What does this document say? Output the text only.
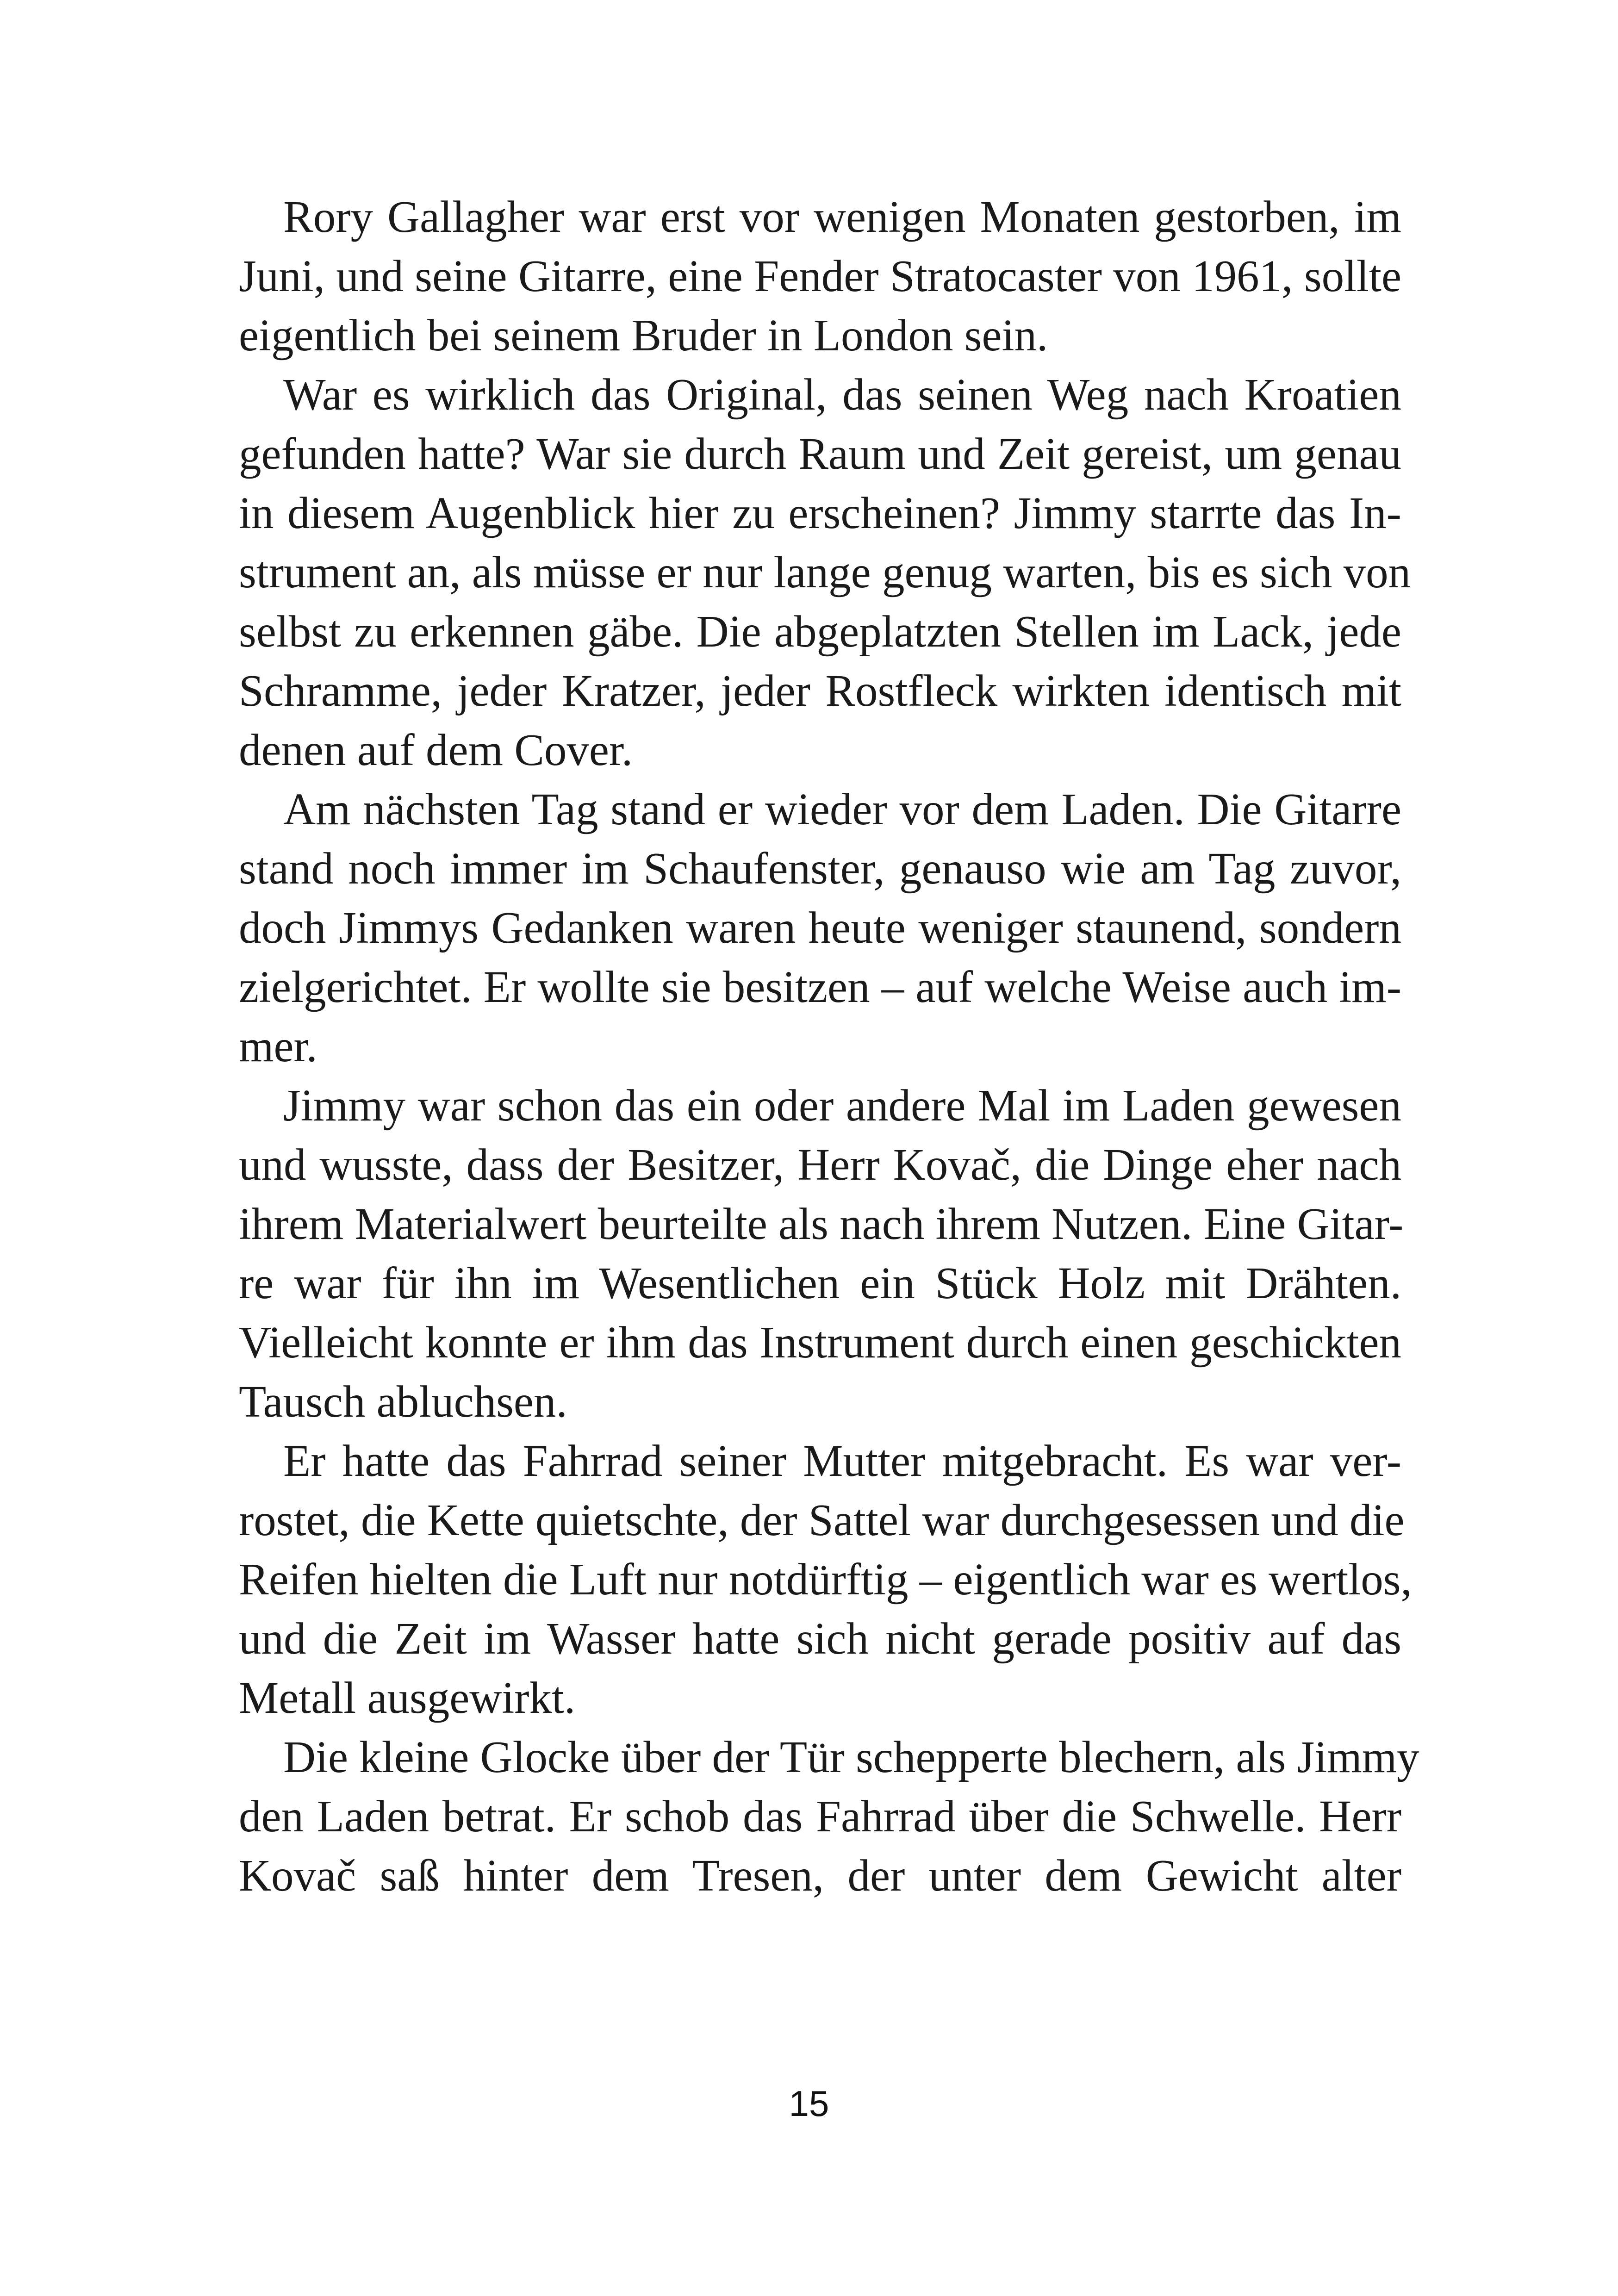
Rory Gallagher war erst vor wenigen Monaten gestorben, im
Juni, und seine Gitarre, eine Fender Stratocaster von 1961, sollte
eigentlich bei seinem Bruder in London sein.
War es wirklich das Original, das seinen Weg nach Kroatien
gefunden hatte? War sie durch Raum und Zeit gereist, um genau
in diesem Augenblick hier zu erscheinen? Jimmy starrte das In-
strument an, als müsse er nur lange genug warten, bis es sich von
selbst zu erkennen gäbe. Die abgeplatzten Stellen im Lack, jede
Schramme, jeder Kratzer, jeder Rostfleck wirkten identisch mit
denen auf dem Cover.
Am nächsten Tag stand er wieder vor dem Laden. Die Gitarre
stand noch immer im Schaufenster, genauso wie am Tag zuvor,
doch Jimmys Gedanken waren heute weniger staunend, sondern
zielgerichtet. Er wollte sie besitzen – auf welche Weise auch im-
mer.
Jimmy war schon das ein oder andere Mal im Laden gewesen
und wusste, dass der Besitzer, Herr Kovač, die Dinge eher nach
ihrem Materialwert beurteilte als nach ihrem Nutzen. Eine Gitar-
re war für ihn im Wesentlichen ein Stück Holz mit Drähten.
Vielleicht konnte er ihm das Instrument durch einen geschickten
Tausch abluchsen.
Er hatte das Fahrrad seiner Mutter mitgebracht. Es war ver-
rostet, die Kette quietschte, der Sattel war durchgesessen und die
Reifen hielten die Luft nur notdürftig – eigentlich war es wertlos,
und die Zeit im Wasser hatte sich nicht gerade positiv auf das
Metall ausgewirkt.
Die kleine Glocke über der Tür schepperte blechern, als Jimmy
den Laden betrat. Er schob das Fahrrad über die Schwelle. Herr
Kovač saß hinter dem Tresen, der unter dem Gewicht alter
15
